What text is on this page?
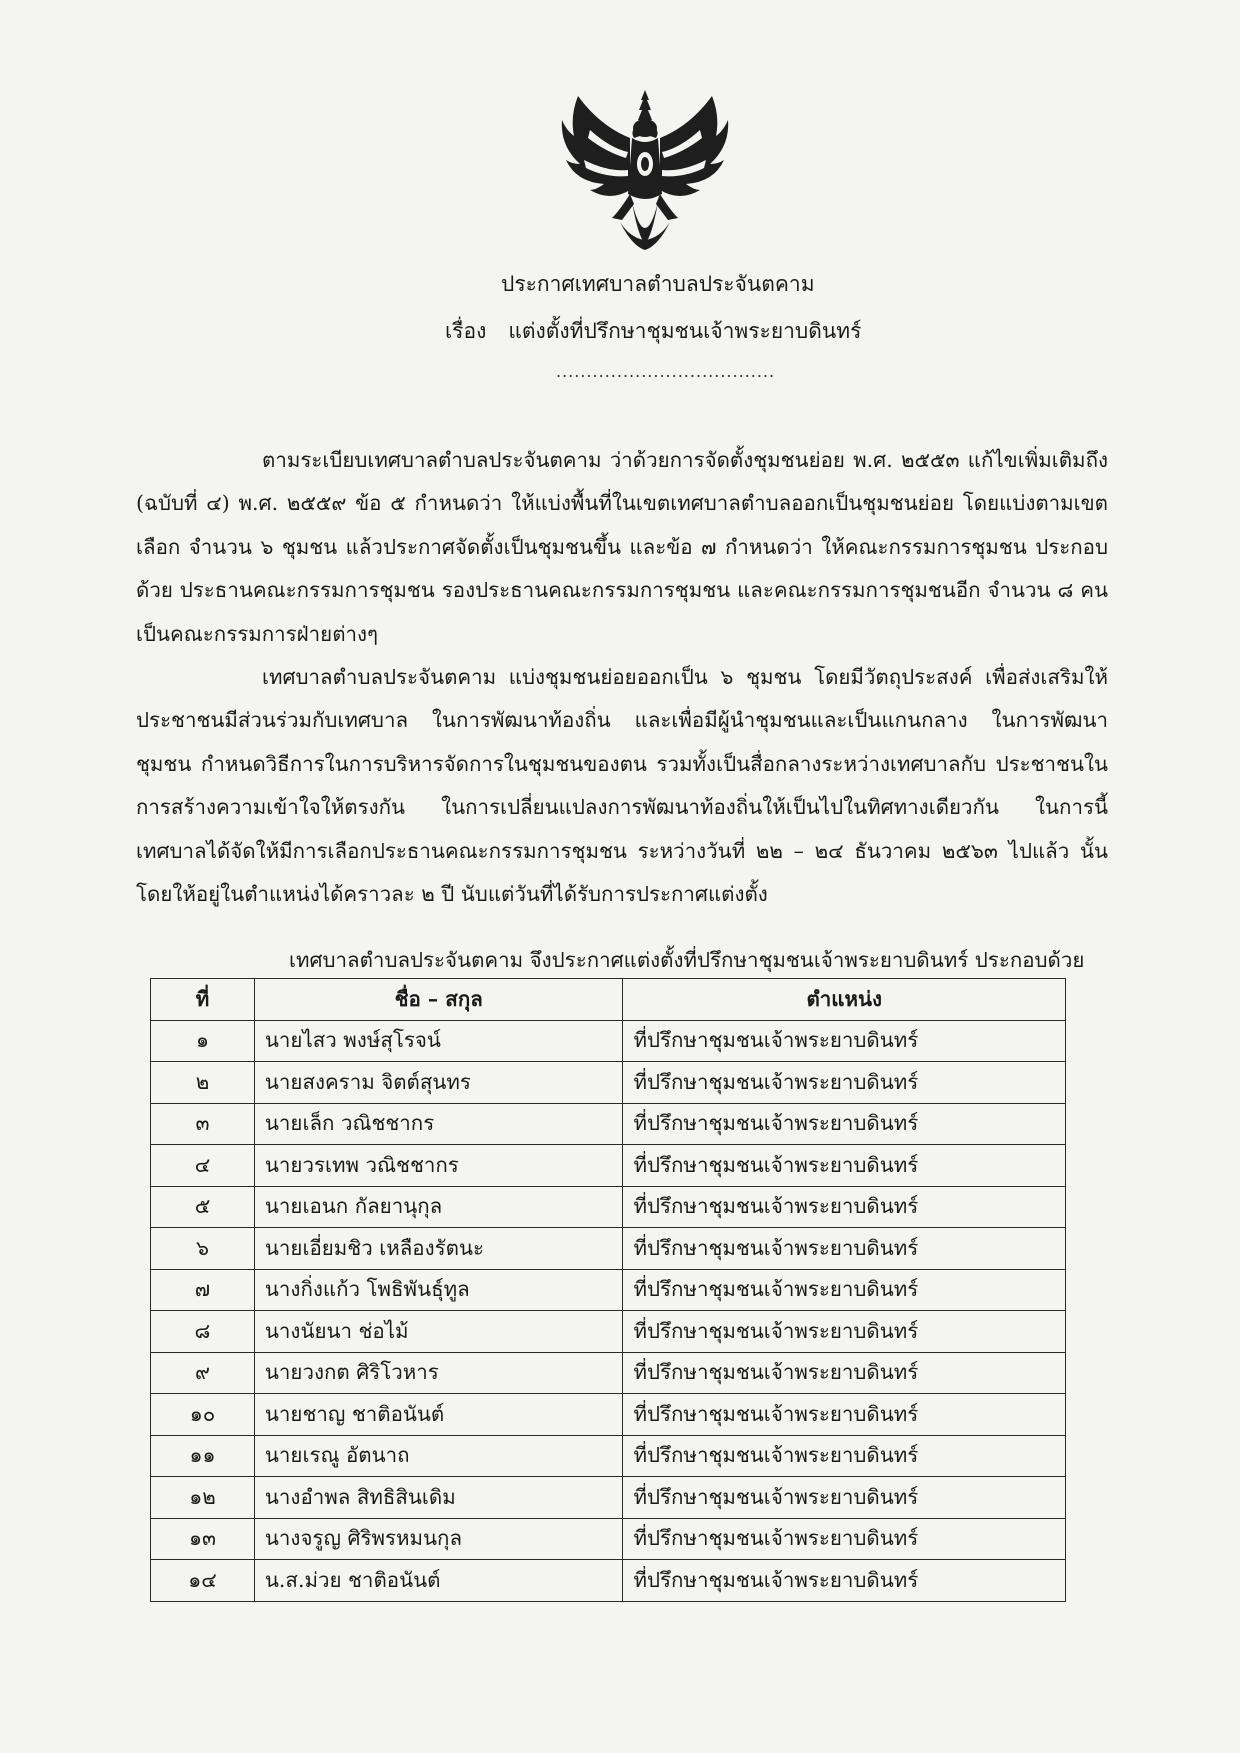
ประกาศเทศบาลตำบลประจันตคาม
เรื่อง แต่งตั้งที่ปรึกษาชุมชนเจ้าพระยาบดินทร์
....................................

ตามระเบียบเทศบาลตำบลประจันตคาม ว่าด้วยการจัดตั้งชุมชนย่อย พ.ศ. ๒๕๕๓ แก้ไขเพิ่มเติมถึง (ฉบับที่ ๔) พ.ศ. ๒๕๕๙ ข้อ ๕ กำหนดว่า ให้แบ่งพื้นที่ในเขตเทศบาลตำบลออกเป็นชุมชนย่อย โดยแบ่งตามเขตเลือก จำนวน ๖ ชุมชน แล้วประกาศจัดตั้งเป็นชุมชนขึ้น และข้อ ๗ กำหนดว่า ให้คณะกรรมการชุมชน ประกอบด้วย ประธานคณะกรรมการชุมชน รองประธานคณะกรรมการชุมชน และคณะกรรมการชุมชนอีก จำนวน ๘ คน เป็นคณะกรรมการฝ่ายต่างๆ

เทศบาลตำบลประจันตคาม แบ่งชุมชนย่อยออกเป็น ๖ ชุมชน โดยมีวัตถุประสงค์ เพื่อส่งเสริมให้ประชาชนมีส่วนร่วมกับเทศบาล ในการพัฒนาท้องถิ่น และเพื่อมีผู้นำชุมชนและเป็นแกนกลาง ในการพัฒนาชุมชน กำหนดวิธีการในการบริหารจัดการในชุมชนของตน รวมทั้งเป็นสื่อกลางระหว่างเทศบาลกับ ประชาชนในการสร้างความเข้าใจให้ตรงกัน ในการเปลี่ยนแปลงการพัฒนาท้องถิ่นให้เป็นไปในทิศทางเดียวกัน ในการนี้ เทศบาลได้จัดให้มีการเลือกประธานคณะกรรมการชุมชน ระหว่างวันที่ ๒๒ – ๒๔ ธันวาคม ๒๕๖๓ ไปแล้ว นั้น โดยให้อยู่ในตำแหน่งได้คราวละ ๒ ปี นับแต่วันที่ได้รับการประกาศแต่งตั้ง

เทศบาลตำบลประจันตคาม จึงประกาศแต่งตั้งที่ปรึกษาชุมชนเจ้าพระยาบดินทร์ ประกอบด้วย

ที่	ชื่อ – สกุล	ตำแหน่ง
๑	นายไสว พงษ์สุโรจน์	ที่ปรึกษาชุมชนเจ้าพระยาบดินทร์
๒	นายสงคราม จิตต์สุนทร	ที่ปรึกษาชุมชนเจ้าพระยาบดินทร์
๓	นายเล็ก วณิชชากร	ที่ปรึกษาชุมชนเจ้าพระยาบดินทร์
๔	นายวรเทพ วณิชชากร	ที่ปรึกษาชุมชนเจ้าพระยาบดินทร์
๕	นายเอนก กัลยานุกุล	ที่ปรึกษาชุมชนเจ้าพระยาบดินทร์
๖	นายเอี่ยมชิว เหลืองรัตนะ	ที่ปรึกษาชุมชนเจ้าพระยาบดินทร์
๗	นางกิ่งแก้ว โพธิพันธุ์ทูล	ที่ปรึกษาชุมชนเจ้าพระยาบดินทร์
๘	นางนัยนา ช่อไม้	ที่ปรึกษาชุมชนเจ้าพระยาบดินทร์
๙	นายวงกต ศิริโวหาร	ที่ปรึกษาชุมชนเจ้าพระยาบดินทร์
๑๐	นายชาญ ชาติอนันต์	ที่ปรึกษาชุมชนเจ้าพระยาบดินทร์
๑๑	นายเรณู อัตนาถ	ที่ปรึกษาชุมชนเจ้าพระยาบดินทร์
๑๒	นางอำพล สิทธิสินเดิม	ที่ปรึกษาชุมชนเจ้าพระยาบดินทร์
๑๓	นางจรูญ ศิริพรหมนกุล	ที่ปรึกษาชุมชนเจ้าพระยาบดินทร์
๑๔	น.ส.ม่วย ชาติอนันต์	ที่ปรึกษาชุมชนเจ้าพระยาบดินทร์
